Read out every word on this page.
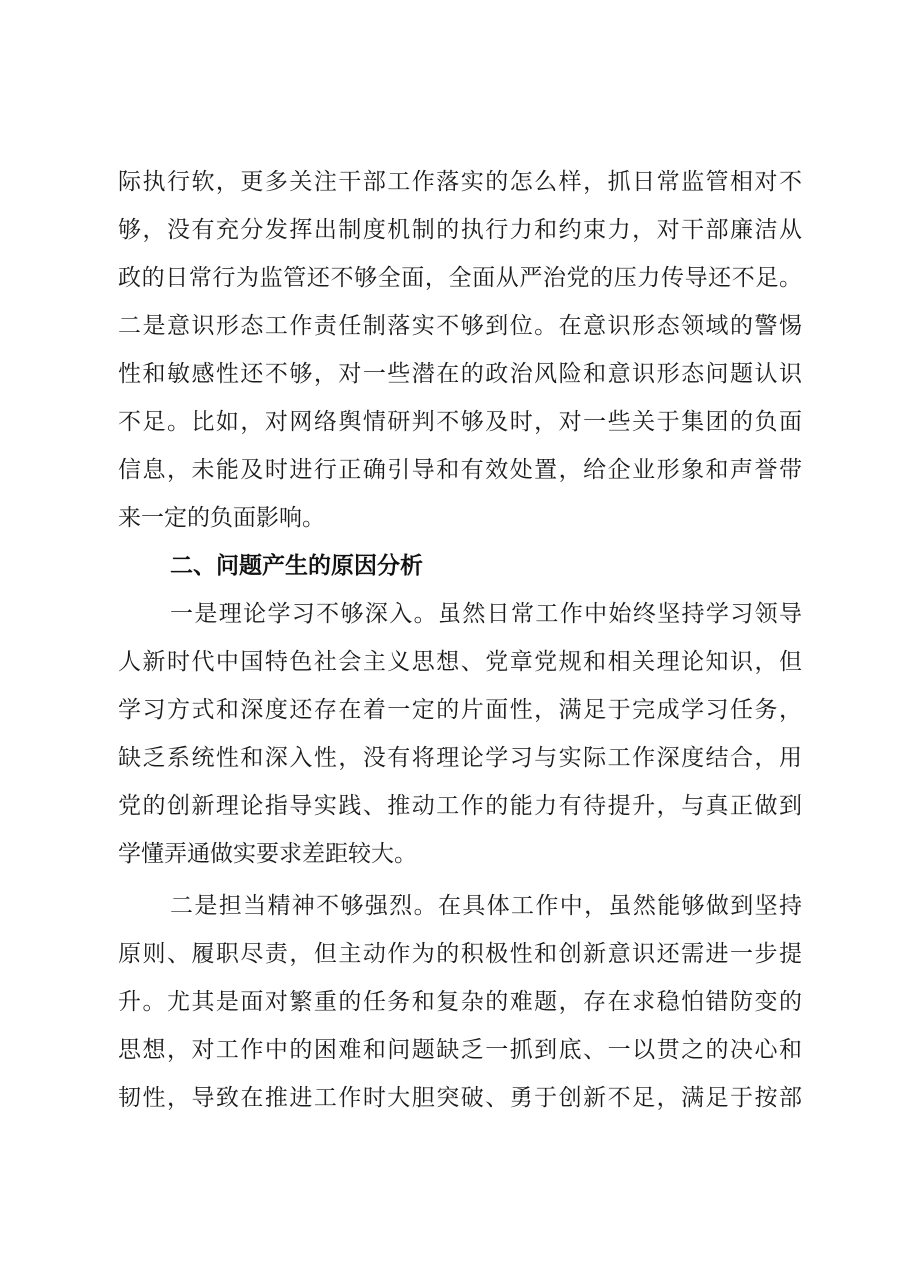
际执行软，更多关注干部工作落实的怎么样，抓日常监管相对不
够，没有充分发挥出制度机制的执行力和约束力，对干部廉洁从
政的日常行为监管还不够全面，全面从严治党的压力传导还不足。
二是意识形态工作责任制落实不够到位。在意识形态领域的警惕
性和敏感性还不够，对一些潜在的政治风险和意识形态问题认识
不足。比如，对网络舆情研判不够及时，对一些关于集团的负面
信息，未能及时进行正确引导和有效处置，给企业形象和声誉带
来一定的负面影响。
二、问题产生的原因分析
一是理论学习不够深入。虽然日常工作中始终坚持学习领导
人新时代中国特色社会主义思想、党章党规和相关理论知识，但
学习方式和深度还存在着一定的片面性，满足于完成学习任务，
缺乏系统性和深入性，没有将理论学习与实际工作深度结合，用
党的创新理论指导实践、推动工作的能力有待提升，与真正做到
学懂弄通做实要求差距较大。
二是担当精神不够强烈。在具体工作中，虽然能够做到坚持
原则、履职尽责，但主动作为的积极性和创新意识还需进一步提
升。尤其是面对繁重的任务和复杂的难题，存在求稳怕错防变的
思想，对工作中的困难和问题缺乏一抓到底、一以贯之的决心和
韧性，导致在推进工作时大胆突破、勇于创新不足，满足于按部
